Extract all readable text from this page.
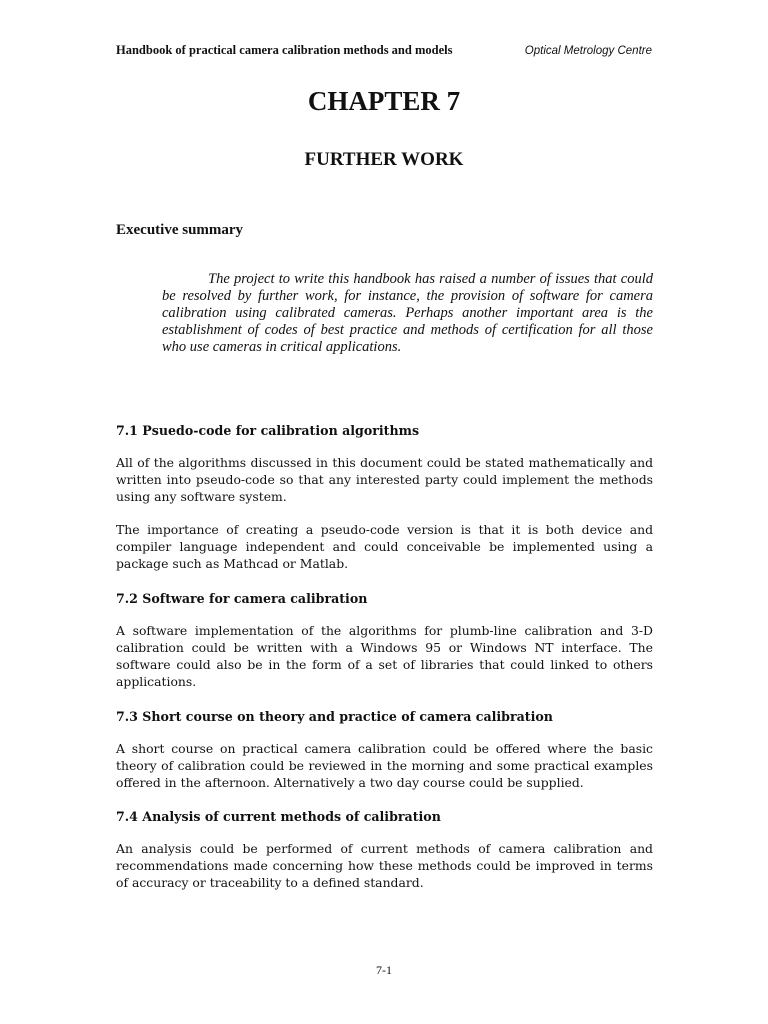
Handbook of practical camera calibration methods and models	Optical Metrology Centre
CHAPTER 7
FURTHER WORK
Executive summary

The project to write this handbook has raised a number of issues that could be resolved by further work, for instance, the provision of software for camera calibration using calibrated cameras. Perhaps another important area is the establishment of codes of best practice and methods of certification for all those who use cameras in critical applications.

7.1 Psuedo-code for calibration algorithms

All of the algorithms discussed in this document could be stated mathematically and written into pseudo-code so that any interested party could implement the methods using any software system.

The importance of creating a pseudo-code version is that it is both device and compiler language independent and could conceivable be implemented using a package such as Mathcad or Matlab.

7.2 Software for camera calibration

A software implementation of the algorithms for plumb-line calibration and 3-D calibration could be written with a Windows 95 or Windows NT interface. The software could also be in the form of a set of libraries that could linked to others applications.

7.3 Short course on theory and practice of camera calibration

A short course on practical camera calibration could be offered where the basic theory of calibration could be reviewed in the morning and some practical examples offered in the afternoon. Alternatively a two day course could be supplied.

7.4 Analysis of current methods of calibration

An analysis could be performed of current methods of camera calibration and recommendations made concerning how these methods could be improved in terms of accuracy or traceability to a defined standard.

7-1
